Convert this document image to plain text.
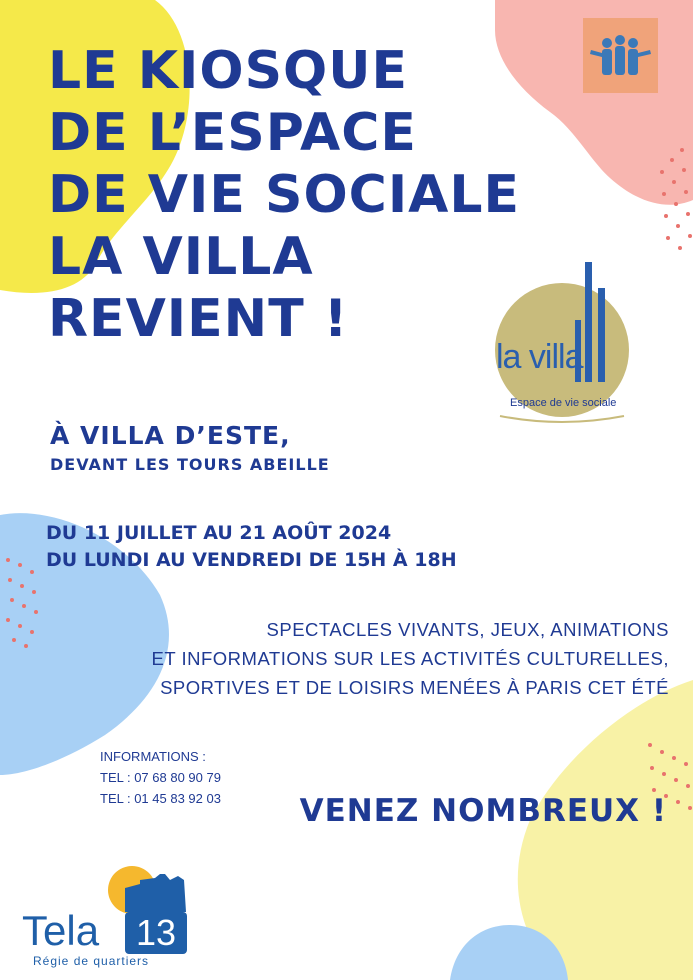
LE KIOSQUE
DE L’ESPACE
DE VIE SOCIALE
LA VILLA
REVIENT !
la villa
Espace de vie sociale
À VILLA D’ESTE,
DEVANT LES TOURS ABEILLE
DU 11 JUILLET AU 21 AOÛT 2024
DU LUNDI AU VENDREDI DE 15H À 18H
SPECTACLES VIVANTS, JEUX, ANIMATIONS
ET INFORMATIONS SUR LES ACTIVITÉS CULTURELLES,
SPORTIVES ET DE LOISIRS MENÉES À PARIS CET ÉTÉ
INFORMATIONS :
TEL : 07 68 80 90 79
TEL : 01 45 83 92 03	VENEZ NOMBREUX !
Tela	13
Régie de quartiers
